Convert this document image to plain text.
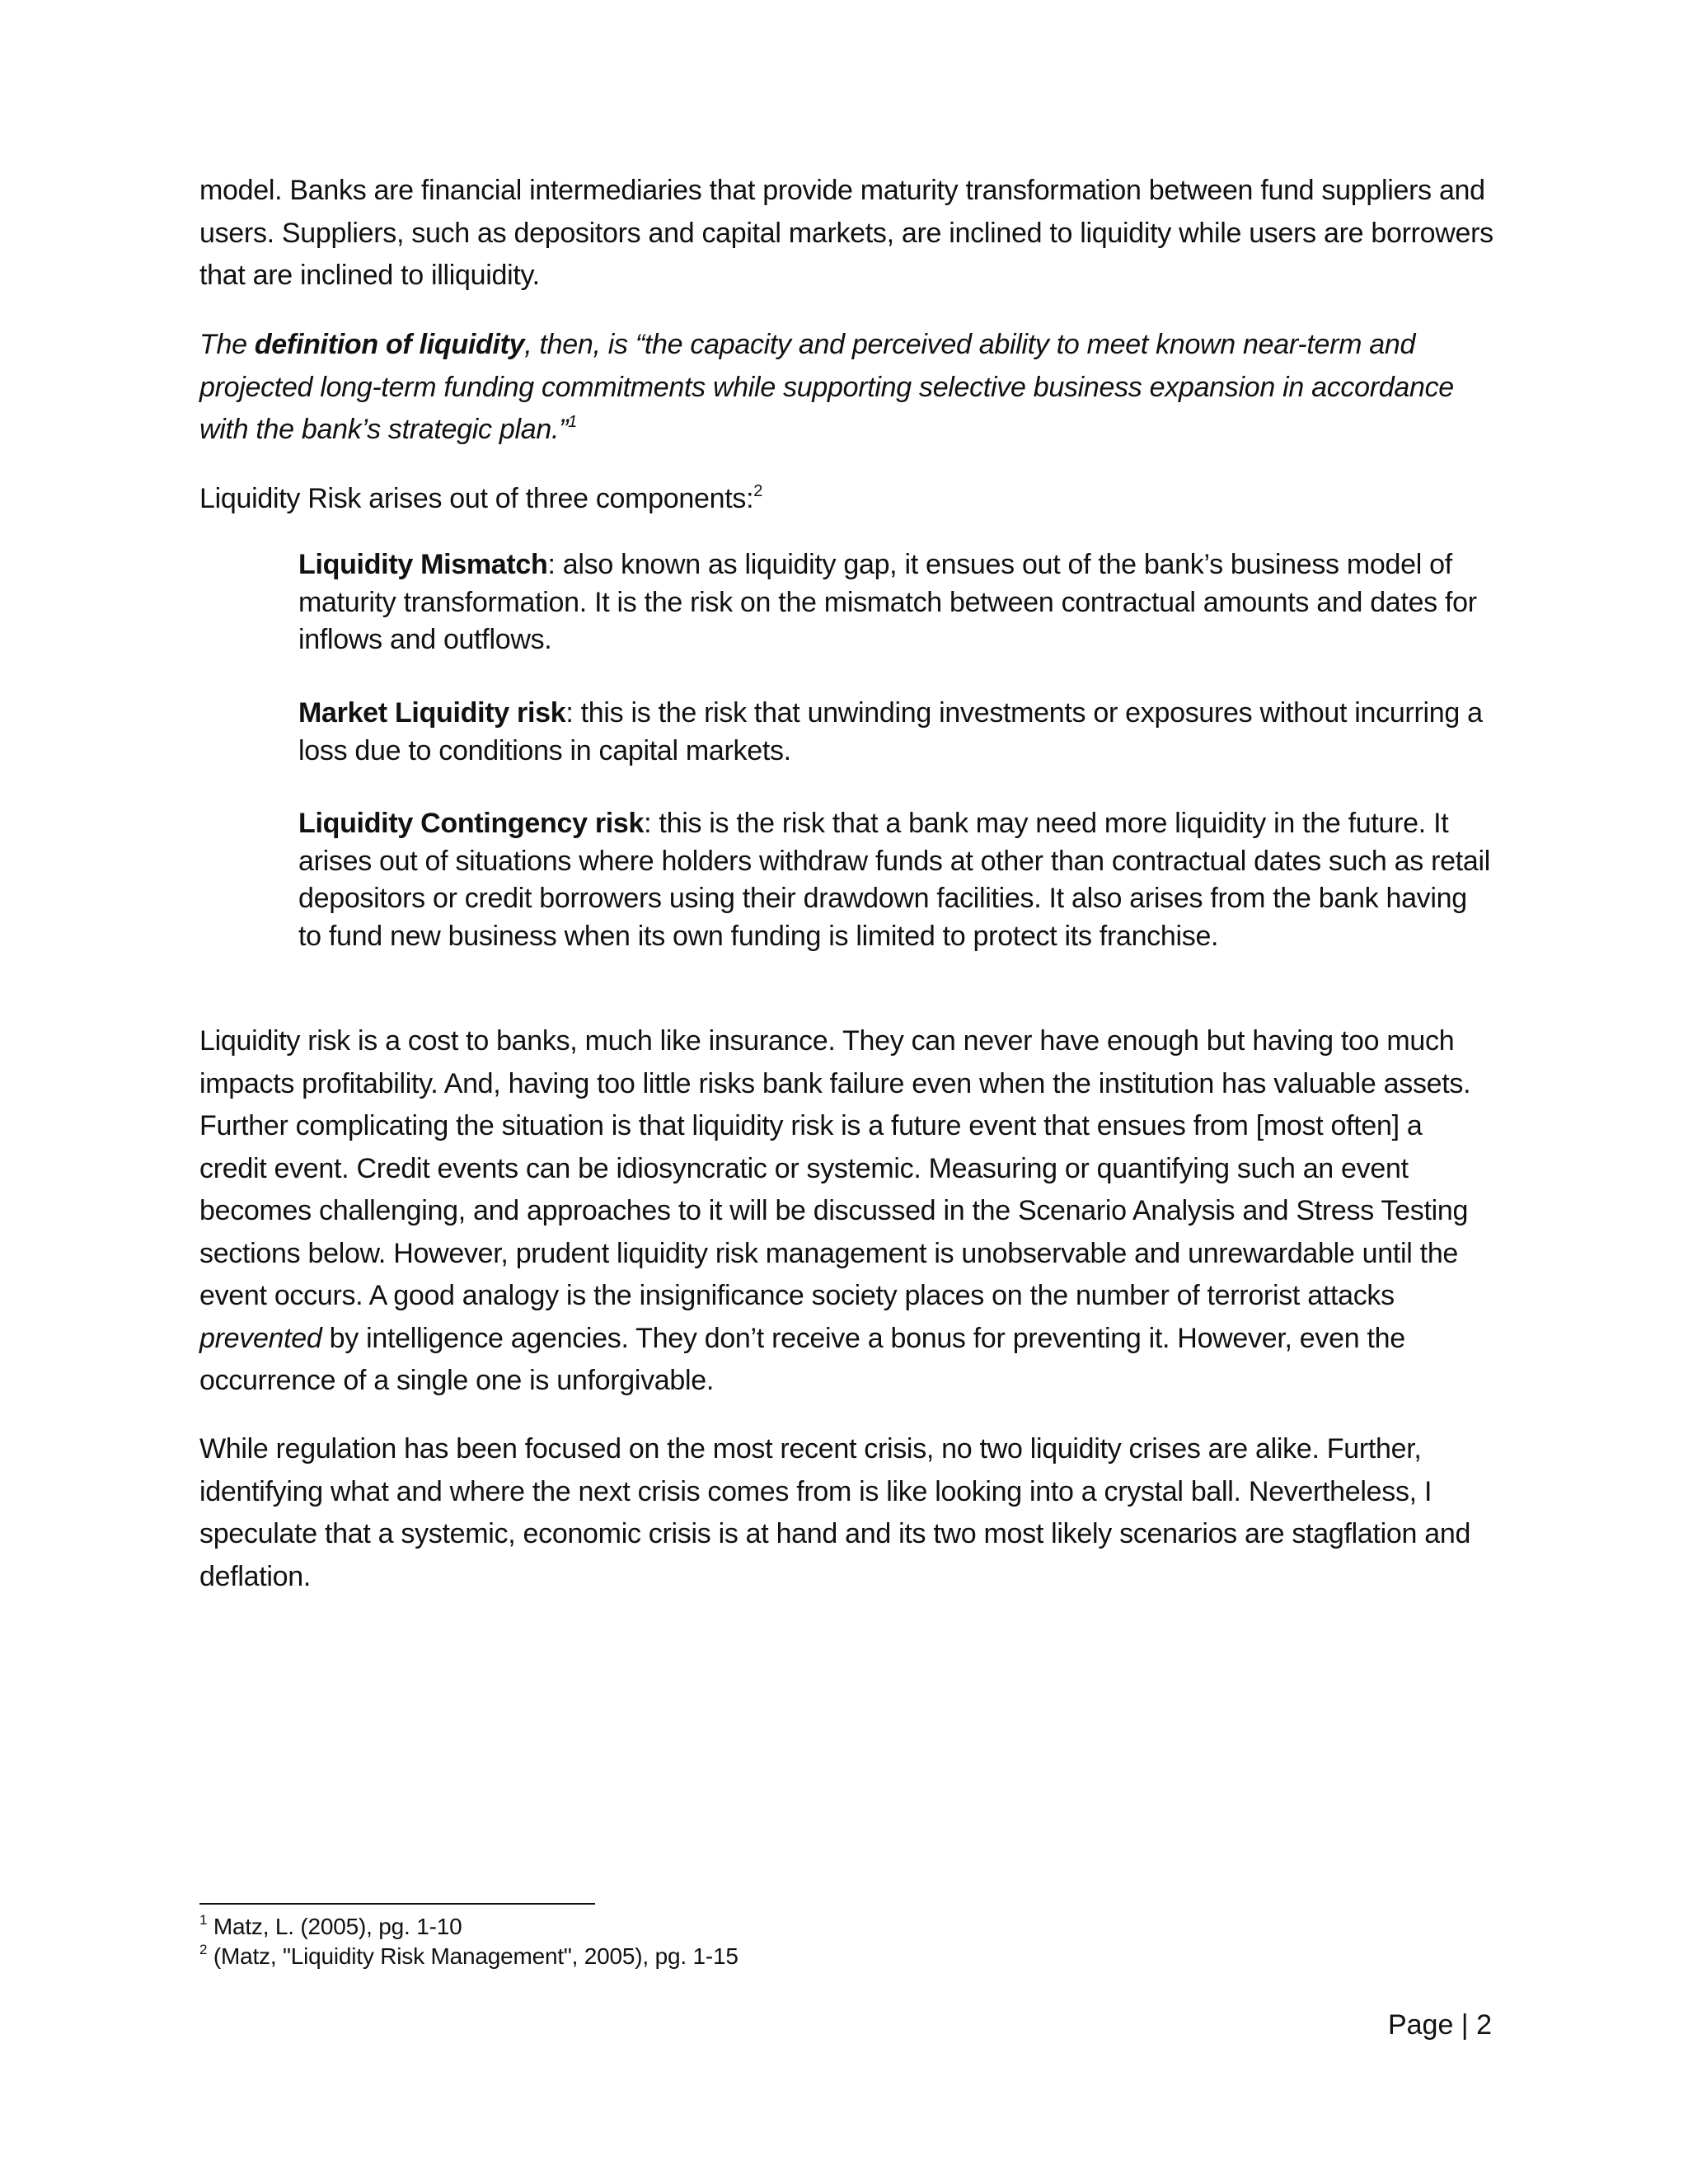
model. Banks are financial intermediaries that provide maturity transformation between fund suppliers and users. Suppliers, such as depositors and capital markets, are inclined to liquidity while users are borrowers that are inclined to illiquidity.

The definition of liquidity, then, is “the capacity and perceived ability to meet known near-term and projected long-term funding commitments while supporting selective business expansion in accordance with the bank’s strategic plan.”$^1$

Liquidity Risk arises out of three components:$^2$

Liquidity Mismatch: also known as liquidity gap, it ensues out of the bank’s business model of maturity transformation. It is the risk on the mismatch between contractual amounts and dates for inflows and outflows.

Market Liquidity risk: this is the risk that unwinding investments or exposures without incurring a loss due to conditions in capital markets.

Liquidity Contingency risk: this is the risk that a bank may need more liquidity in the future. It arises out of situations where holders withdraw funds at other than contractual dates such as retail depositors or credit borrowers using their drawdown facilities. It also arises from the bank having to fund new business when its own funding is limited to protect its franchise.

Liquidity risk is a cost to banks, much like insurance. They can never have enough but having too much impacts profitability. And, having too little risks bank failure even when the institution has valuable assets. Further complicating the situation is that liquidity risk is a future event that ensues from [most often] a credit event. Credit events can be idiosyncratic or systemic. Measuring or quantifying such an event becomes challenging, and approaches to it will be discussed in the Scenario Analysis and Stress Testing sections below. However, prudent liquidity risk management is unobservable and unrewardable until the event occurs. A good analogy is the insignificance society places on the number of terrorist attacks prevented by intelligence agencies. They don’t receive a bonus for preventing it. However, even the occurrence of a single one is unforgivable.

While regulation has been focused on the most recent crisis, no two liquidity crises are alike. Further, identifying what and where the next crisis comes from is like looking into a crystal ball. Nevertheless, I speculate that a systemic, economic crisis is at hand and its two most likely scenarios are stagflation and deflation.

$^1$ Matz, L. (2005), pg. 1-10

$^2$ (Matz, "Liquidity Risk Management", 2005), pg. 1-15

Page | 2
